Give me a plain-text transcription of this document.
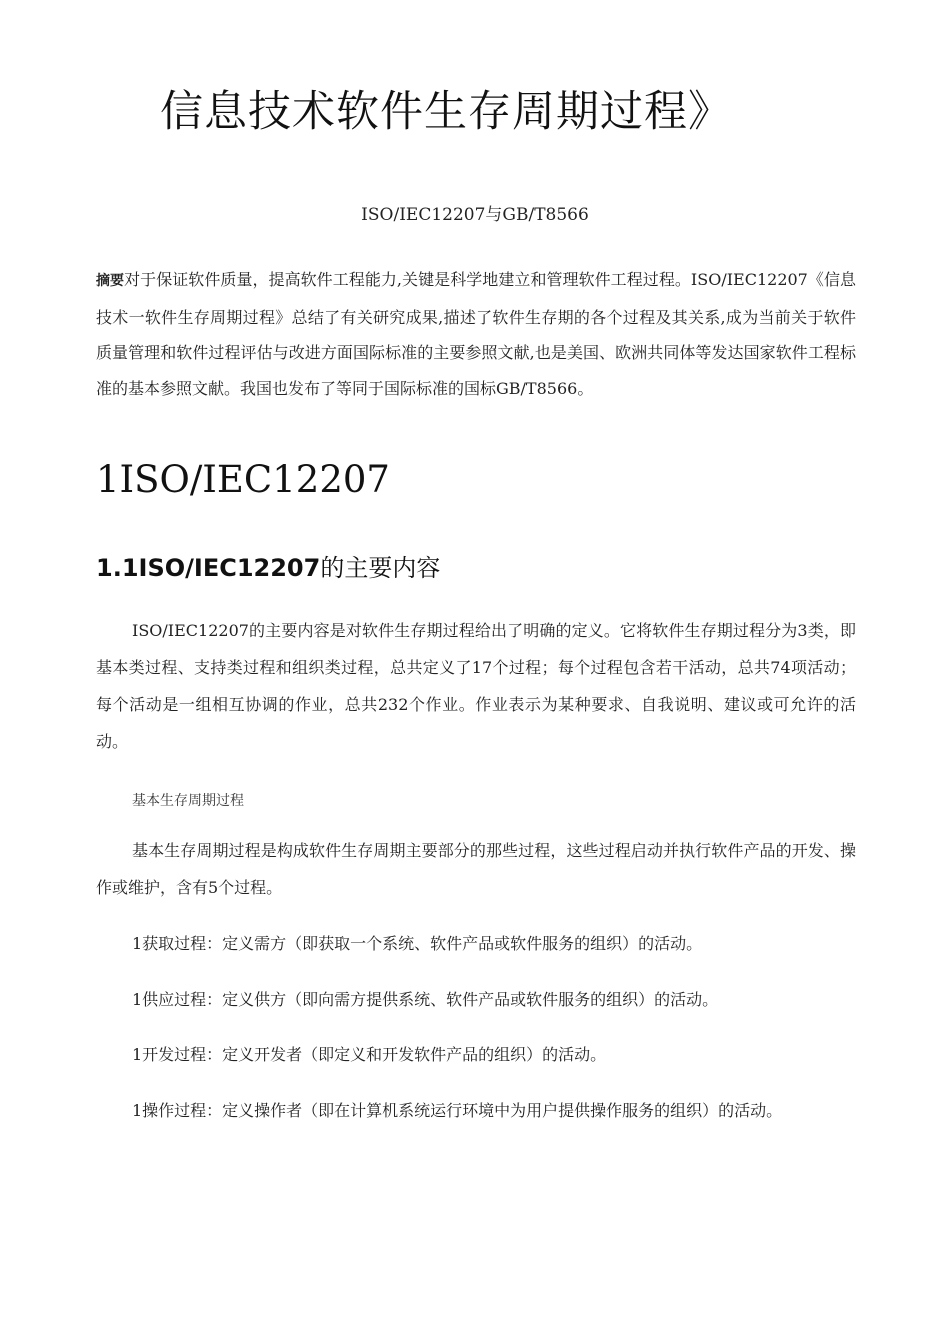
信息技术软件生存周期过程》

ISO/IEC12207与GB/T8566

摘要对于保证软件质量，提高软件工程能力,关键是科学地建立和管理软件工程过程。ISO/IEC12207《信息技术一软件生存周期过程》总结了有关研究成果,描述了软件生存期的各个过程及其关系,成为当前关于软件质量管理和软件过程评估与改进方面国际标准的主要参照文献,也是美国、欧洲共同体等发达国家软件工程标准的基本参照文献。我国也发布了等同于国际标准的国标GB/T8566。

1ISO/IEC12207
1.1ISO/IEC12207的主要内容

ISO/IEC12207的主要内容是对软件生存期过程给出了明确的定义。它将软件生存期过程分为3类，即基本类过程、支持类过程和组织类过程，总共定义了17个过程；每个过程包含若干活动，总共74项活动；每个活动是一组相互协调的作业，总共232个作业。作业表示为某种要求、自我说明、建议或可允许的活动。

基本生存周期过程

基本生存周期过程是构成软件生存周期主要部分的那些过程，这些过程启动并执行软件产品的开发、操作或维护，含有5个过程。

1获取过程：定义需方（即获取一个系统、软件产品或软件服务的组织）的活动。

1供应过程：定义供方（即向需方提供系统、软件产品或软件服务的组织）的活动。

1开发过程：定义开发者（即定义和开发软件产品的组织）的活动。

1操作过程：定义操作者（即在计算机系统运行环境中为用户提供操作服务的组织）的活动。
